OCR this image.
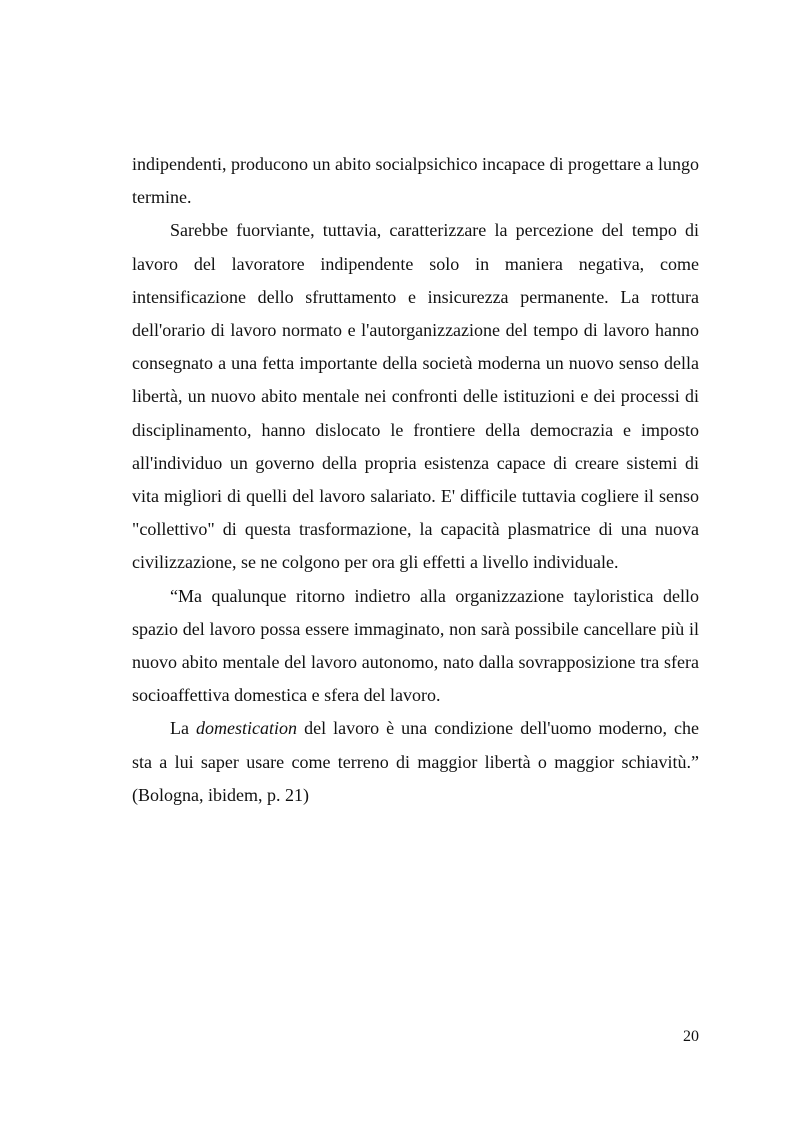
indipendenti, producono un abito socialpsichico incapace di progettare a lungo termine.

Sarebbe fuorviante, tuttavia, caratterizzare la percezione del tempo di lavoro del lavoratore indipendente solo in maniera negativa, come intensificazione dello sfruttamento e insicurezza permanente. La rottura dell'orario di lavoro normato e l'autorganizzazione del tempo di lavoro hanno consegnato a una fetta importante della società moderna un nuovo senso della libertà, un nuovo abito mentale nei confronti delle istituzioni e dei processi di disciplinamento, hanno dislocato le frontiere della democrazia e imposto all'individuo un governo della propria esistenza capace di creare sistemi di vita migliori di quelli del lavoro salariato. E' difficile tuttavia cogliere il senso "collettivo" di questa trasformazione, la capacità plasmatrice di una nuova civilizzazione, se ne colgono per ora gli effetti a livello individuale.

“Ma qualunque ritorno indietro alla organizzazione tayloristica dello spazio del lavoro possa essere immaginato, non sarà possibile cancellare più il nuovo abito mentale del lavoro autonomo, nato dalla sovrapposizione tra sfera socioaffettiva domestica e sfera del lavoro.

La domestication del lavoro è una condizione dell'uomo moderno, che sta a lui saper usare come terreno di maggior libertà o maggior schiavitù.” (Bologna, ibidem, p. 21)

20
